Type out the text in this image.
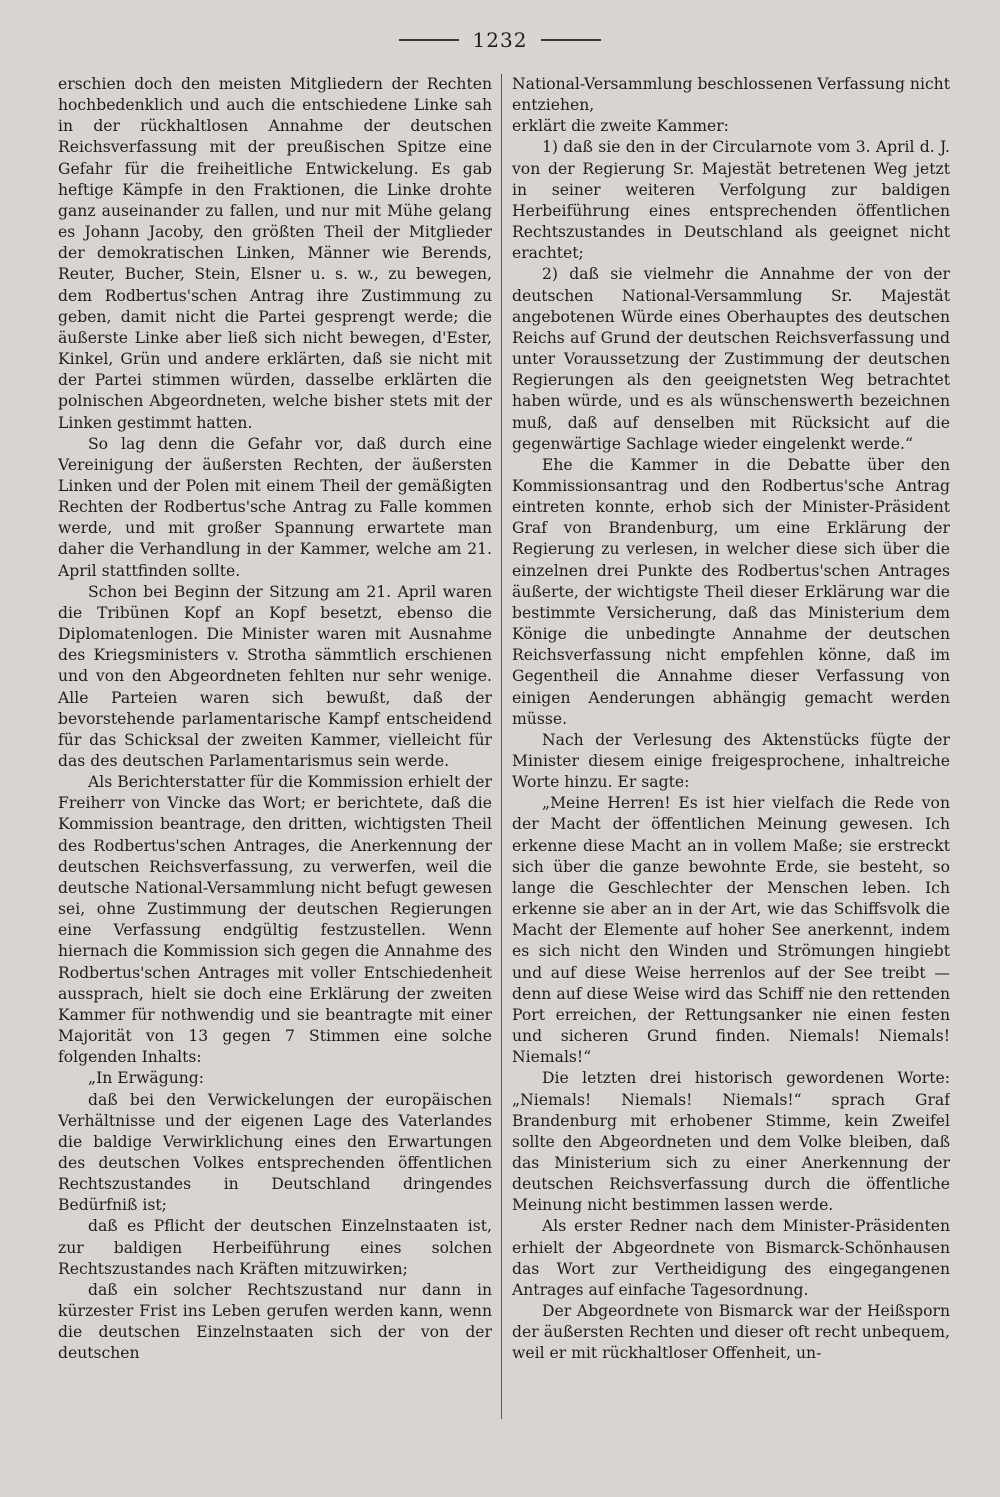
1232

erschien doch den meisten Mitgliedern der Rechten hochbedenklich und auch die entschiedene Linke sah in der rückhaltlosen Annahme der deutschen Reichsverfassung mit der preußischen Spitze eine Gefahr für die freiheitliche Entwickelung. Es gab heftige Kämpfe in den Fraktionen, die Linke drohte ganz auseinander zu fallen, und nur mit Mühe gelang es Johann Jacoby, den größten Theil der Mitglieder der demokratischen Linken, Männer wie Berends, Reuter, Bucher, Stein, Elsner u. s. w., zu bewegen, dem Rodbertus'schen Antrag ihre Zustimmung zu geben, damit nicht die Partei gesprengt werde; die äußerste Linke aber ließ sich nicht bewegen, d'Ester, Kinkel, Grün und andere erklärten, daß sie nicht mit der Partei stimmen würden, dasselbe erklärten die polnischen Abgeordneten, welche bisher stets mit der Linken gestimmt hatten.

So lag denn die Gefahr vor, daß durch eine Vereinigung der äußersten Rechten, der äußersten Linken und der Polen mit einem Theil der gemäßigten Rechten der Rodbertus'sche Antrag zu Falle kommen werde, und mit großer Spannung erwartete man daher die Verhandlung in der Kammer, welche am 21. April stattfinden sollte.

Schon bei Beginn der Sitzung am 21. April waren die Tribünen Kopf an Kopf besetzt, ebenso die Diplomatenlogen. Die Minister waren mit Ausnahme des Kriegsministers v. Strotha sämmtlich erschienen und von den Abgeordneten fehlten nur sehr wenige. Alle Parteien waren sich bewußt, daß der bevorstehende parlamentarische Kampf entscheidend für das Schicksal der zweiten Kammer, vielleicht für das des deutschen Parlamentarismus sein werde.

Als Berichterstatter für die Kommission erhielt der Freiherr von Vincke das Wort; er berichtete, daß die Kommission beantrage, den dritten, wichtigsten Theil des Rodbertus'schen Antrages, die Anerkennung der deutschen Reichsverfassung, zu verwerfen, weil die deutsche National-Versammlung nicht befugt gewesen sei, ohne Zustimmung der deutschen Regierungen eine Verfassung endgültig festzustellen. Wenn hiernach die Kommission sich gegen die Annahme des Rodbertus'schen Antrages mit voller Entschiedenheit aussprach, hielt sie doch eine Erklärung der zweiten Kammer für nothwendig und sie beantragte mit einer Majorität von 13 gegen 7 Stimmen eine solche folgenden Inhalts:

„In Erwägung:

daß bei den Verwickelungen der europäischen Verhältnisse und der eigenen Lage des Vaterlandes die baldige Verwirklichung eines den Erwartungen des deutschen Volkes entsprechenden öffentlichen Rechtszustandes in Deutschland dringendes Bedürfniß ist;

daß es Pflicht der deutschen Einzelnstaaten ist, zur baldigen Herbeiführung eines solchen Rechtszustandes nach Kräften mitzuwirken;

daß ein solcher Rechtszustand nur dann in kürzester Frist ins Leben gerufen werden kann, wenn die deutschen Einzelnstaaten sich der von der deutschen

National-Versammlung beschlossenen Verfassung nicht entziehen,

erklärt die zweite Kammer:

1) daß sie den in der Circularnote vom 3. April d. J. von der Regierung Sr. Majestät betretenen Weg jetzt in seiner weiteren Verfolgung zur baldigen Herbeiführung eines entsprechenden öffentlichen Rechtszustandes in Deutschland als geeignet nicht erachtet;

2) daß sie vielmehr die Annahme der von der deutschen National-Versammlung Sr. Majestät angebotenen Würde eines Oberhauptes des deutschen Reichs auf Grund der deutschen Reichsverfassung und unter Voraussetzung der Zustimmung der deutschen Regierungen als den geeignetsten Weg betrachtet haben würde, und es als wünschenswerth bezeichnen muß, daß auf denselben mit Rücksicht auf die gegenwärtige Sachlage wieder eingelenkt werde.“

Ehe die Kammer in die Debatte über den Kommissionsantrag und den Rodbertus'sche Antrag eintreten konnte, erhob sich der Minister-Präsident Graf von Brandenburg, um eine Erklärung der Regierung zu verlesen, in welcher diese sich über die einzelnen drei Punkte des Rodbertus'schen Antrages äußerte, der wichtigste Theil dieser Erklärung war die bestimmte Versicherung, daß das Ministerium dem Könige die unbedingte Annahme der deutschen Reichsverfassung nicht empfehlen könne, daß im Gegentheil die Annahme dieser Verfassung von einigen Aenderungen abhängig gemacht werden müsse.

Nach der Verlesung des Aktenstücks fügte der Minister diesem einige freigesprochene, inhaltreiche Worte hinzu. Er sagte:

„Meine Herren! Es ist hier vielfach die Rede von der Macht der öffentlichen Meinung gewesen. Ich erkenne diese Macht an in vollem Maße; sie erstreckt sich über die ganze bewohnte Erde, sie besteht, so lange die Geschlechter der Menschen leben. Ich erkenne sie aber an in der Art, wie das Schiffsvolk die Macht der Elemente auf hoher See anerkennt, indem es sich nicht den Winden und Strömungen hingiebt und auf diese Weise herrenlos auf der See treibt — denn auf diese Weise wird das Schiff nie den rettenden Port erreichen, der Rettungsanker nie einen festen und sicheren Grund finden. Niemals! Niemals! Niemals!“

Die letzten drei historisch gewordenen Worte: „Niemals! Niemals! Niemals!“ sprach Graf Brandenburg mit erhobener Stimme, kein Zweifel sollte den Abgeordneten und dem Volke bleiben, daß das Ministerium sich zu einer Anerkennung der deutschen Reichsverfassung durch die öffentliche Meinung nicht bestimmen lassen werde.

Als erster Redner nach dem Minister-Präsidenten erhielt der Abgeordnete von Bismarck-Schönhausen das Wort zur Vertheidigung des eingegangenen Antrages auf einfache Tagesordnung.

Der Abgeordnete von Bismarck war der Heißsporn der äußersten Rechten und dieser oft recht unbequem, weil er mit rückhaltloser Offenheit, un-
